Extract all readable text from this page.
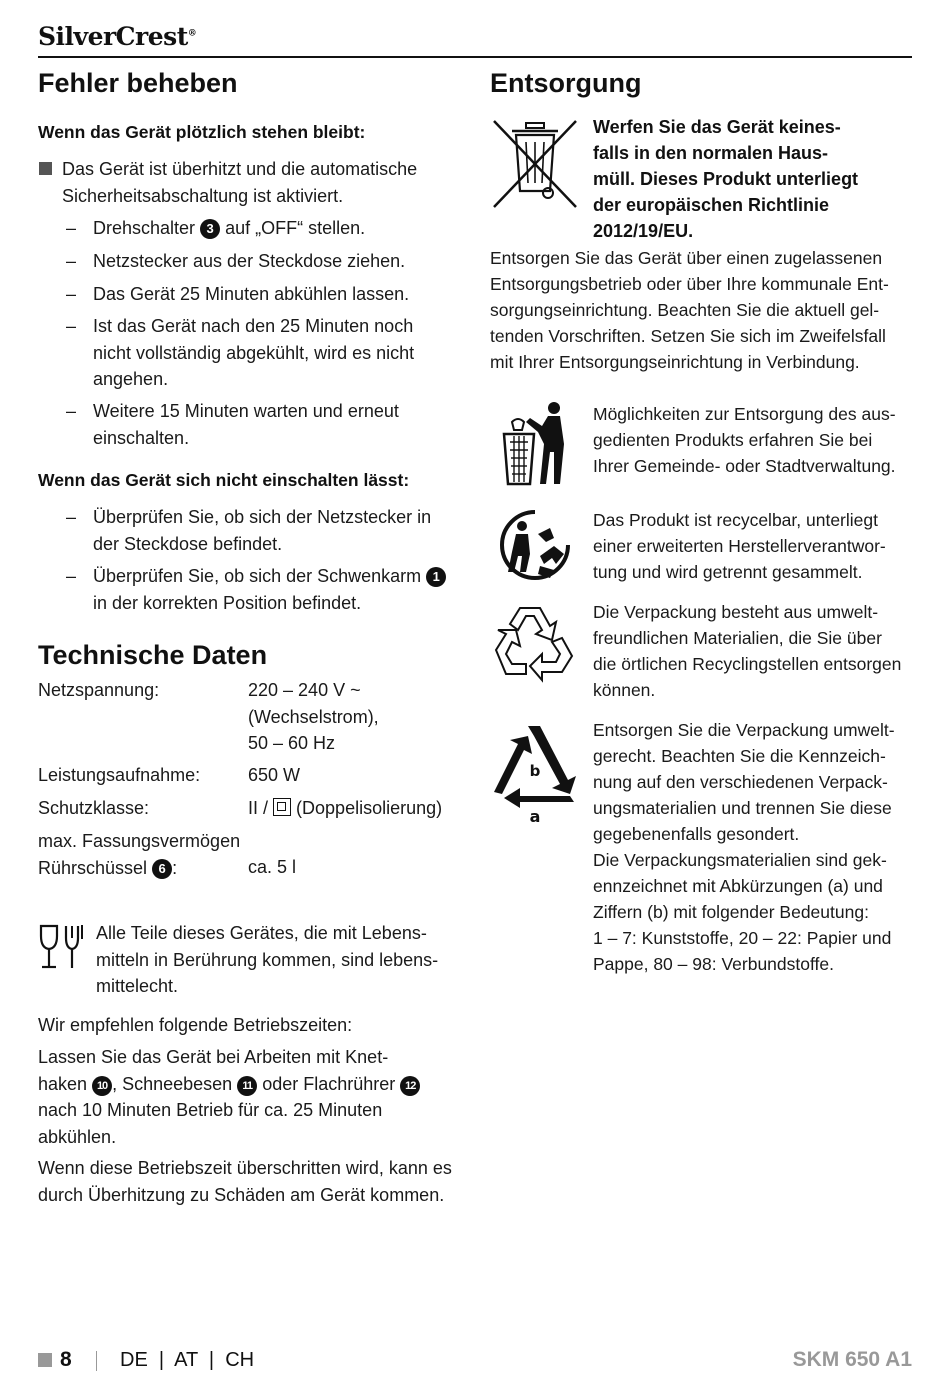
SilverCrest®
Fehler beheben

Wenn das Gerät plötzlich stehen bleibt:

Das Gerät ist überhitzt und die automatische
Sicherheitsabschaltung ist aktiviert.
– Drehschalter 3 auf „OFF“ stellen.
– Netzstecker aus der Steckdose ziehen.
– Das Gerät 25 Minuten abkühlen lassen.
– Ist das Gerät nach den 25 Minuten noch
nicht vollständig abgekühlt, wird es nicht
angehen.
– Weitere 15 Minuten warten und erneut
einschalten.

Wenn das Gerät sich nicht einschalten lässt:

– Überprüfen Sie, ob sich der Netzstecker in
der Steckdose befindet.
– Überprüfen Sie, ob sich der Schwenkarm 1
in der korrekten Position befindet.
Technische Daten
Netzspannung:	220 – 240 V ~
(Wechselstrom),
50 – 60 Hz
Leistungsaufnahme:	650 W
Schutzklasse:	II / (Doppelisolierung)
max. Fassungsvermögen
Rührschüssel 6 :	ca. 5 l
Alle Teile dieses Gerätes, die mit Lebens-
mitteln in Berührung kommen, sind lebens-
mittelecht.
Wir empfehlen folgende Betriebszeiten:
Lassen Sie das Gerät bei Arbeiten mit Knet-
haken 10 , Schneebesen 11 oder Flachrührer 12
nach 10 Minuten Betrieb für ca. 25 Minuten
abkühlen.
Wenn diese Betriebszeit überschritten wird, kann es
durch Überhitzung zu Schäden am Gerät kommen.
Entsorgung
Werfen Sie das Gerät keines-
falls in den normalen Haus-
müll. Dieses Produkt unterliegt
der europäischen Richtlinie
2012/19/EU.
Entsorgen Sie das Gerät über einen zugelassenen
Entsorgungsbetrieb oder über Ihre kommunale Ent-
sorgungseinrichtung. Beachten Sie die aktuell gel-
tenden Vorschriften. Setzen Sie sich im Zweifelsfall
mit Ihrer Entsorgungseinrichtung in Verbindung.
Möglichkeiten zur Entsorgung des aus-
gedienten Produkts erfahren Sie bei
Ihrer Gemeinde- oder Stadtverwaltung.
Das Produkt ist recycelbar, unterliegt
einer erweiterten Herstellerverantwor-
tung und wird getrennt gesammelt.
Die Verpackung besteht aus umwelt-
freundlichen Materialien, die Sie über
die örtlichen Recyclingstellen entsorgen
können.
b
a
Entsorgen Sie die Verpackung umwelt-
gerecht. Beachten Sie die Kennzeich-
nung auf den verschiedenen Verpack-
ungsmaterialien und trennen Sie diese
gegebenenfalls gesondert.
Die Verpackungsmaterialien sind gek-
ennzeichnet mit Abkürzungen (a) und
Ziffern (b) mit folgender Bedeutung:
1 – 7: Kunststoffe, 20 – 22: Papier und
Pappe, 80 – 98: Verbundstoffe.
8 DE  |  AT  |  CH	SKM 650 A1
